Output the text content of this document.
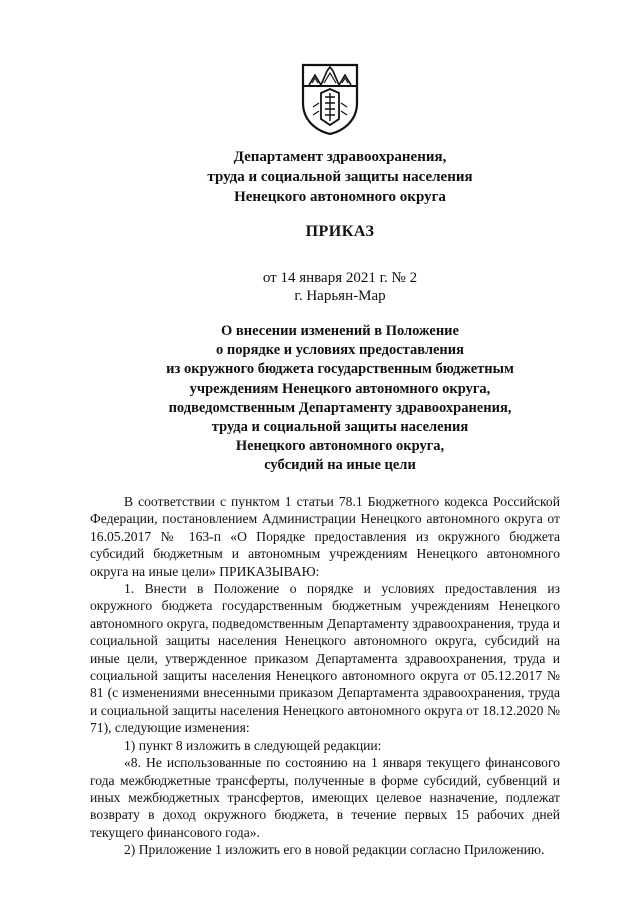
Департамент здравоохранения,
труда и социальной защиты населения
Ненецкого автономного округа
ПРИКАЗ
от 14 января 2021 г. № 2
г. Нарьян-Мар
О внесении изменений в Положение
о порядке и условиях предоставления
из окружного бюджета государственным бюджетным
учреждениям Ненецкого автономного округа,
подведомственным Департаменту здравоохранения,
труда и социальной защиты населения
Ненецкого автономного округа,
субсидий на иные цели

В соответствии с пунктом 1 статьи 78.1 Бюджетного кодекса Российской Федерации, постановлением Администрации Ненецкого автономного округа от 16.05.2017 № 163-п «О Порядке предоставления из окружного бюджета субсидий бюджетным и автономным учреждениям Ненецкого автономного округа на иные цели» ПРИКАЗЫВАЮ:

1. Внести в Положение о порядке и условиях предоставления из окружного бюджета государственным бюджетным учреждениям Ненецкого автономного округа, подведомственным Департаменту здравоохранения, труда и социальной защиты населения Ненецкого автономного округа, субсидий на иные цели, утвержденное приказом Департамента здравоохранения, труда и социальной защиты населения Ненецкого автономного округа от 05.12.2017 № 81 (с изменениями внесенными приказом Департамента здравоохранения, труда и социальной защиты населения Ненецкого автономного округа от 18.12.2020 № 71), следующие изменения:

1) пункт 8 изложить в следующей редакции:

«8. Не использованные по состоянию на 1 января текущего финансового года межбюджетные трансферты, полученные в форме субсидий, субвенций и иных межбюджетных трансфертов, имеющих целевое назначение, подлежат возврату в доход окружного бюджета, в течение первых 15 рабочих дней текущего финансового года».

2) Приложение 1 изложить его в новой редакции согласно Приложению.
